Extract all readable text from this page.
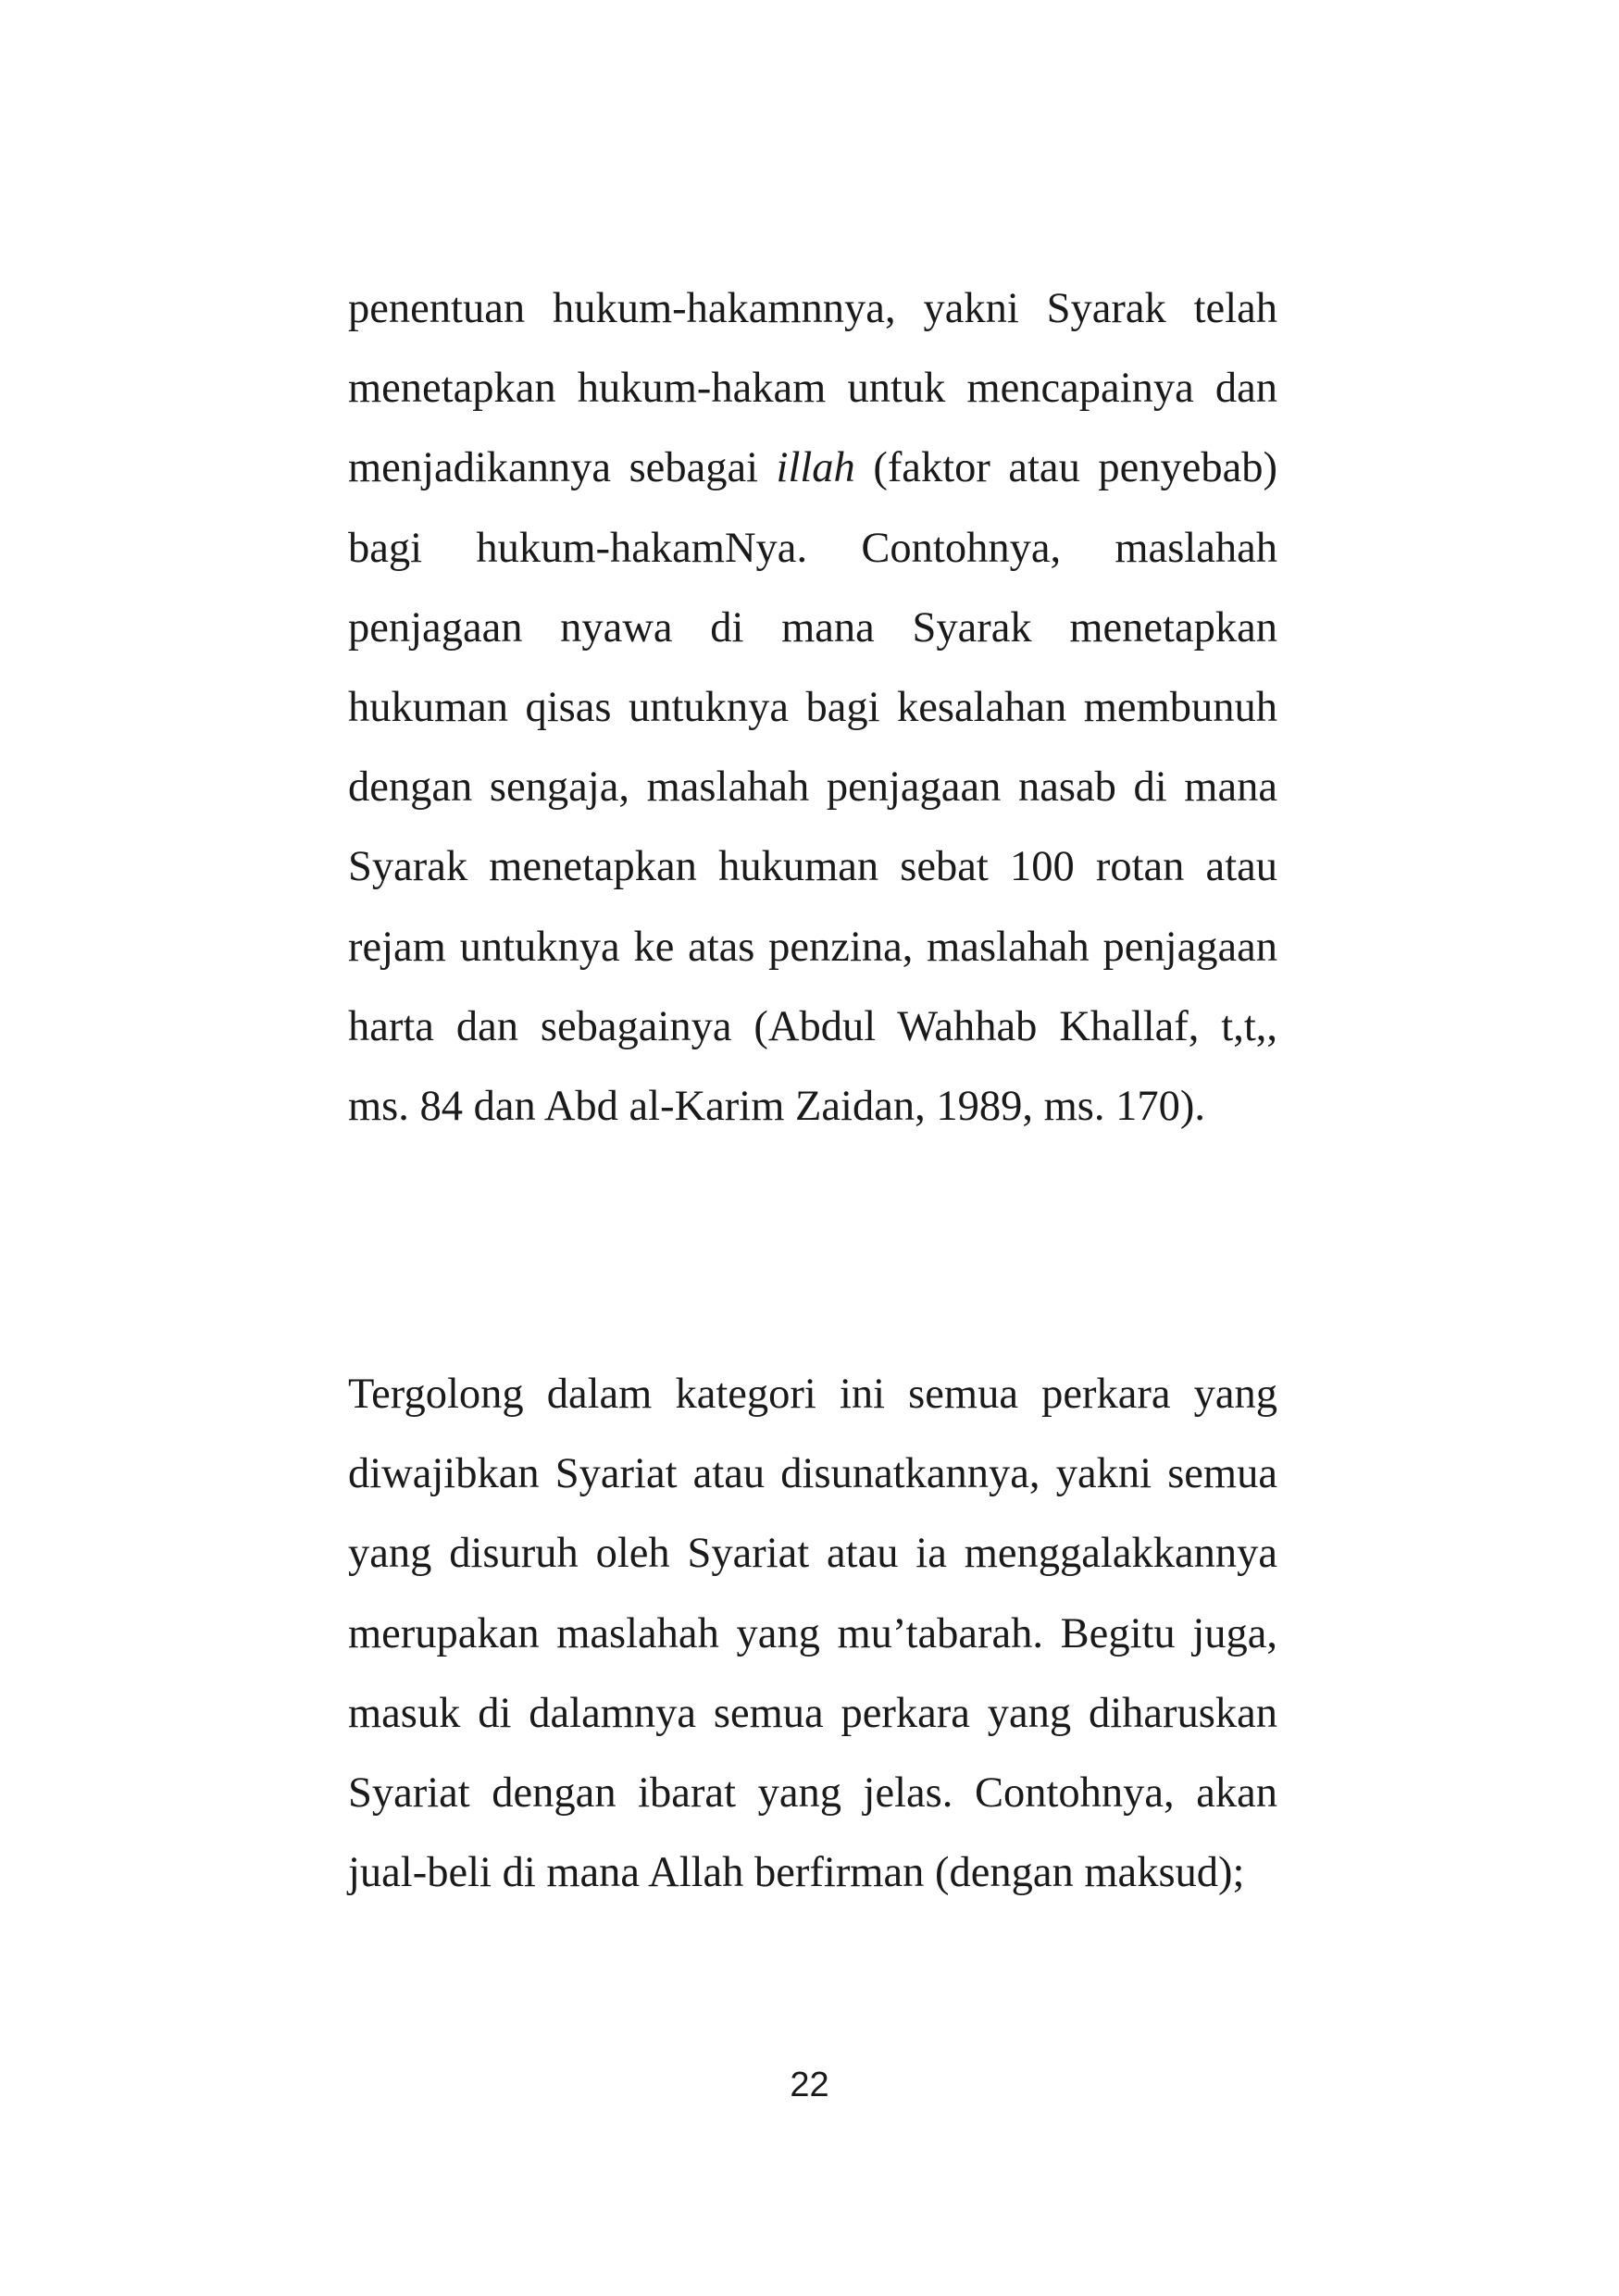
penentuan hukum-hakamnnya, yakni Syarak telah menetapkan hukum-hakam untuk mencapainya dan menjadikannya sebagai illah (faktor atau penyebab) bagi hukum-hakamNya. Contohnya, maslahah penjagaan nyawa di mana Syarak menetapkan hukuman qisas untuknya bagi kesalahan membunuh dengan sengaja, maslahah penjagaan nasab di mana Syarak menetapkan hukuman sebat 100 rotan atau rejam untuknya ke atas penzina, maslahah penjagaan harta dan sebagainya (Abdul Wahhab Khallaf, t,t,, ms. 84 dan Abd al-Karim Zaidan, 1989, ms. 170).

Tergolong dalam kategori ini semua perkara yang diwajibkan Syariat atau disunatkannya, yakni semua yang disuruh oleh Syariat atau ia menggalakkannya merupakan maslahah yang mu’tabarah. Begitu juga, masuk di dalamnya semua perkara yang diharuskan Syariat dengan ibarat yang jelas. Contohnya, akan jual-beli di mana Allah berfirman (dengan maksud);

22
